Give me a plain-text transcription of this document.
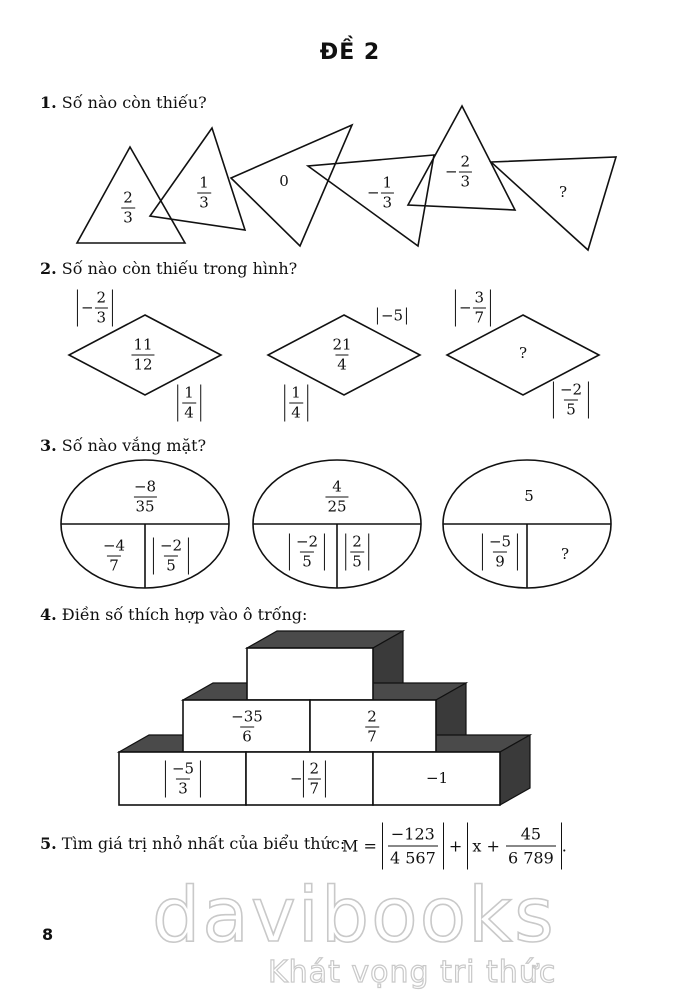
ĐỀ 2
1. Số nào còn thiếu?
2
3
1
3
0
− $\frac{1}{3}$
− $\frac{2}{3}$
?
2. Số nào còn thiếu trong hình?
− $\frac{2}{3}$
11
12
1
4
−5
21
4
1
4
− $\frac{3}{7}$
?
−2
5
3. Số nào vắng mặt?
−8
35
−4
7
−2
5
4
25
−2
5
2
5
5
−5
9	?
4. Điền số thích hợp vào ô trống:
−35
6
2
7
−5
3
−
2
7
−1
5. Tìm giá trị nhỏ nhất của biểu thức:
M =

−123
4 567

+
x +
$\frac{45}{6 789}$ .
8 davibooks
Khát vọng tri thức
